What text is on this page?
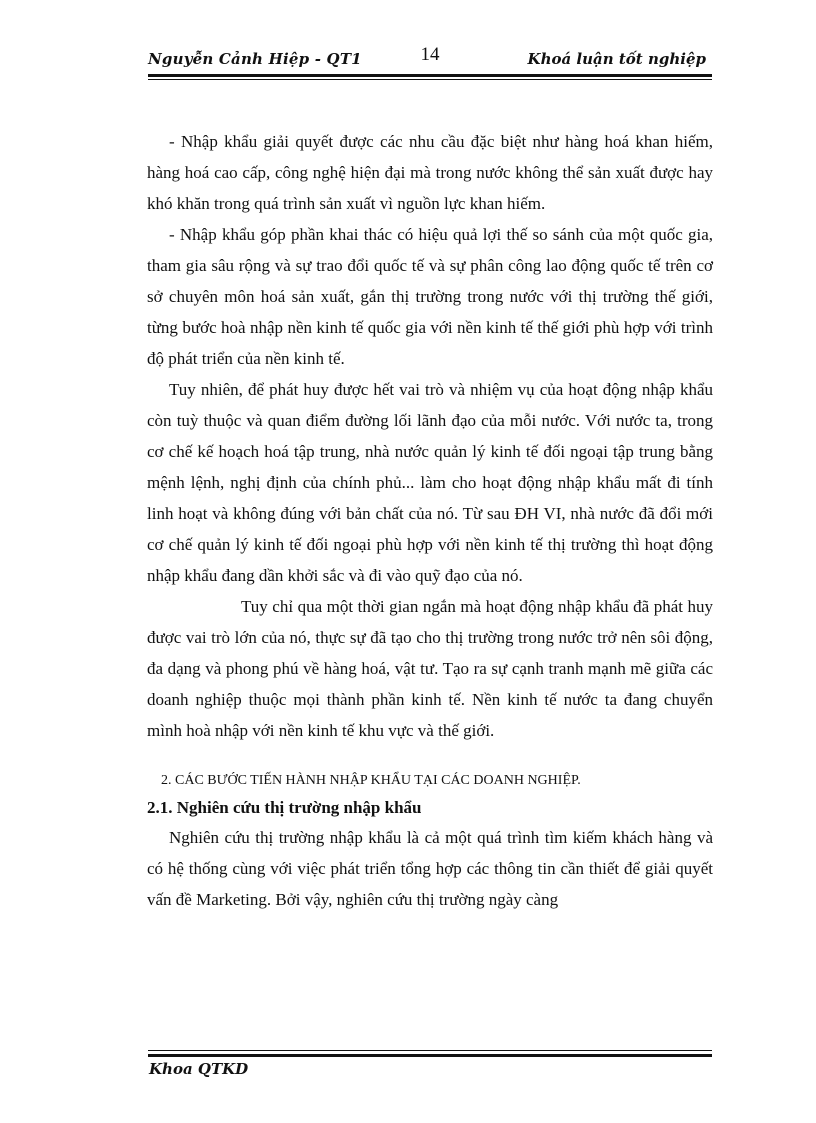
Nguyễn Cảnh Hiệp - QT1	14	Khoá luận tốt nghiệp

- Nhập khẩu giải quyết được các nhu cầu đặc biệt như hàng hoá khan hiếm, hàng hoá cao cấp, công nghệ hiện đại mà trong nước không thể sản xuất được hay khó khăn trong quá trình sản xuất vì nguồn lực khan hiếm.

- Nhập khẩu góp phần khai thác có hiệu quả lợi thế so sánh của một quốc gia, tham gia sâu rộng và sự trao đổi quốc tế và sự phân công lao động quốc tế trên cơ sở chuyên môn hoá sản xuất, gắn thị trường trong nước với thị trường thế giới, từng bước hoà nhập nền kinh tế quốc gia với nền kinh tế thế giới phù hợp với trình độ phát triển của nền kinh tế.

Tuy nhiên, để phát huy được hết vai trò và nhiệm vụ của hoạt động nhập khẩu còn tuỳ thuộc và quan điểm đường lối lãnh đạo của mỗi nước. Với nước ta, trong cơ chế kế hoạch hoá tập trung, nhà nước quản lý kinh tế đối ngoại tập trung bằng mệnh lệnh, nghị định của chính phủ... làm cho hoạt động nhập khẩu mất đi tính linh hoạt và không đúng với bản chất của nó. Từ sau ĐH VI, nhà nước đã đổi mới cơ chế quản lý kinh tế đối ngoại phù hợp với nền kinh tế thị trường thì hoạt động nhập khẩu đang dần khởi sắc và đi vào quỹ đạo của nó.

Tuy chỉ qua một thời gian ngắn mà hoạt động nhập khẩu đã phát huy được vai trò lớn của nó, thực sự đã tạo cho thị trường trong nước trở nên sôi động, đa dạng và phong phú về hàng hoá, vật tư. Tạo ra sự cạnh tranh mạnh mẽ giữa các doanh nghiệp thuộc mọi thành phần kinh tế. Nền kinh tế nước ta đang chuyển mình hoà nhập với nền kinh tế khu vực và thế giới.

2. CÁC BƯỚC TIẾN HÀNH NHẬP KHẨU TẠI CÁC DOANH NGHIỆP.

2.1. Nghiên cứu thị trường nhập khẩu

Nghiên cứu thị trường nhập khẩu là cả một quá trình tìm kiếm khách hàng và có hệ thống cùng với việc phát triển tổng hợp các thông tin cần thiết để giải quyết vấn đề Marketing. Bởi vậy, nghiên cứu thị trường ngày càng

Khoa QTKD
